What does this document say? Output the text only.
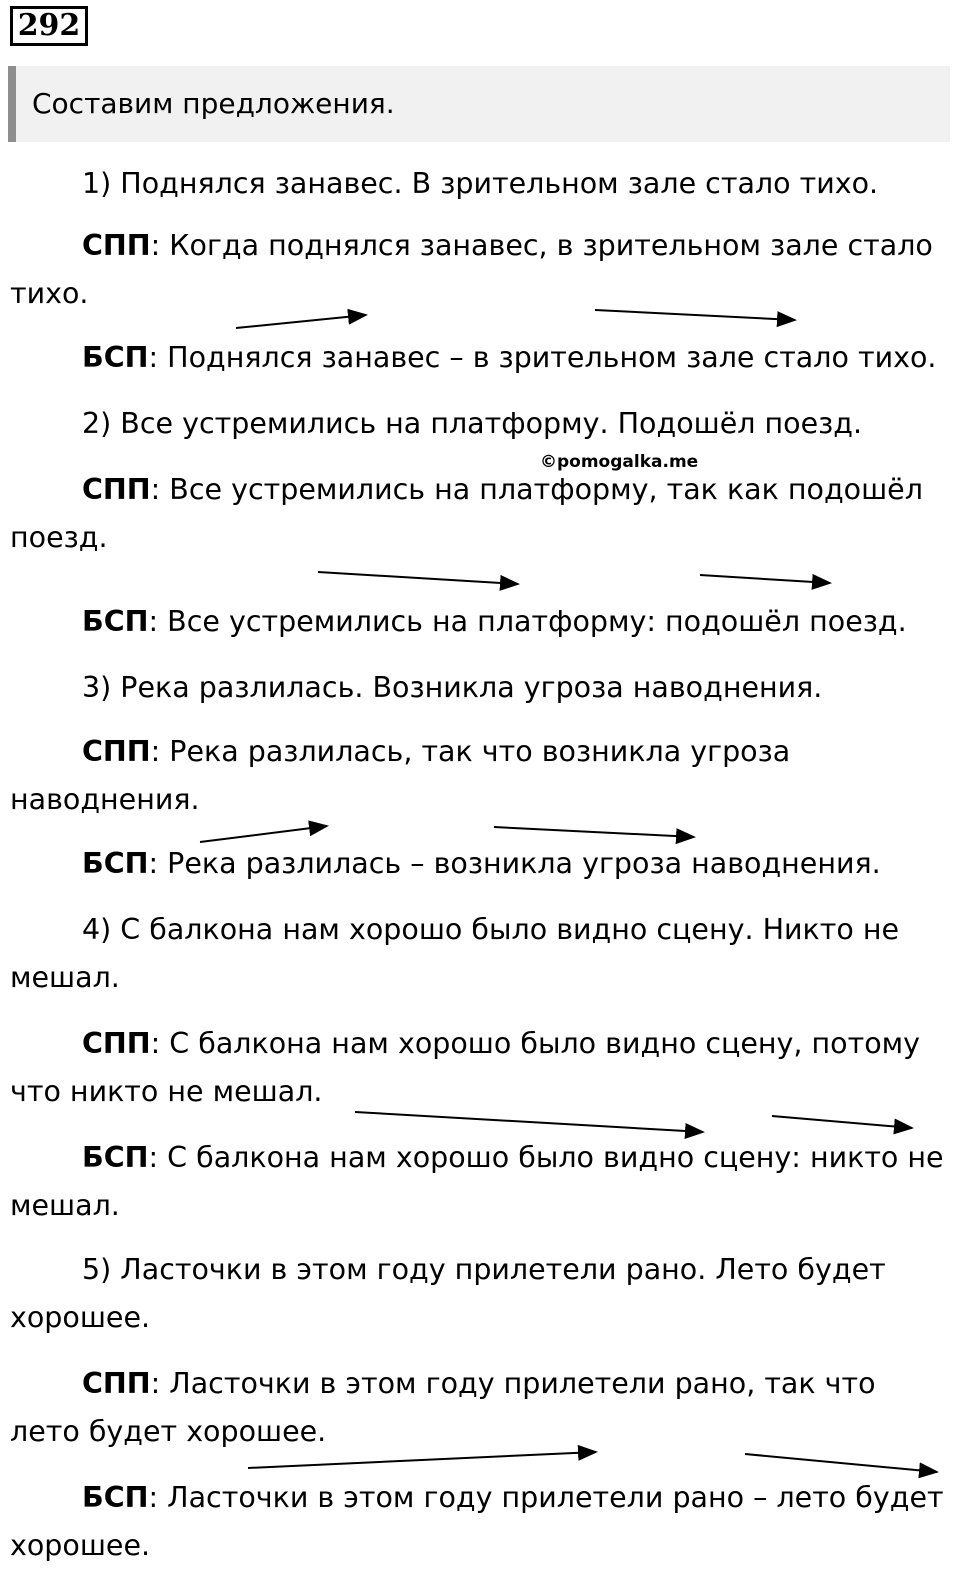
292
Составим предложения.

1) Поднялся занавес. В зрительном зале стало тихо.

СПП: Когда поднялся занавес, в зрительном зале стало тихо.

БСП: Поднялся занавес – в зрительном зале стало тихо.

2) Все устремились на платформу. Подошёл поезд.

©pomogalka.me

СПП: Все устремились на платформу, так как подошёл поезд.

БСП: Все устремились на платформу: подошёл поезд.

3) Река разлилась. Возникла угроза наводнения.

СПП: Река разлилась, так что возникла угроза наводнения.

БСП: Река разлилась – возникла угроза наводнения.

4) С балкона нам хорошо было видно сцену. Никто не мешал.

СПП: С балкона нам хорошо было видно сцену, потому что никто не мешал.

БСП: С балкона нам хорошо было видно сцену: никто не мешал.

5) Ласточки в этом году прилетели рано. Лето будет хорошее.

СПП: Ласточки в этом году прилетели рано, так что лето будет хорошее.

БСП: Ласточки в этом году прилетели рано – лето будет хорошее.
